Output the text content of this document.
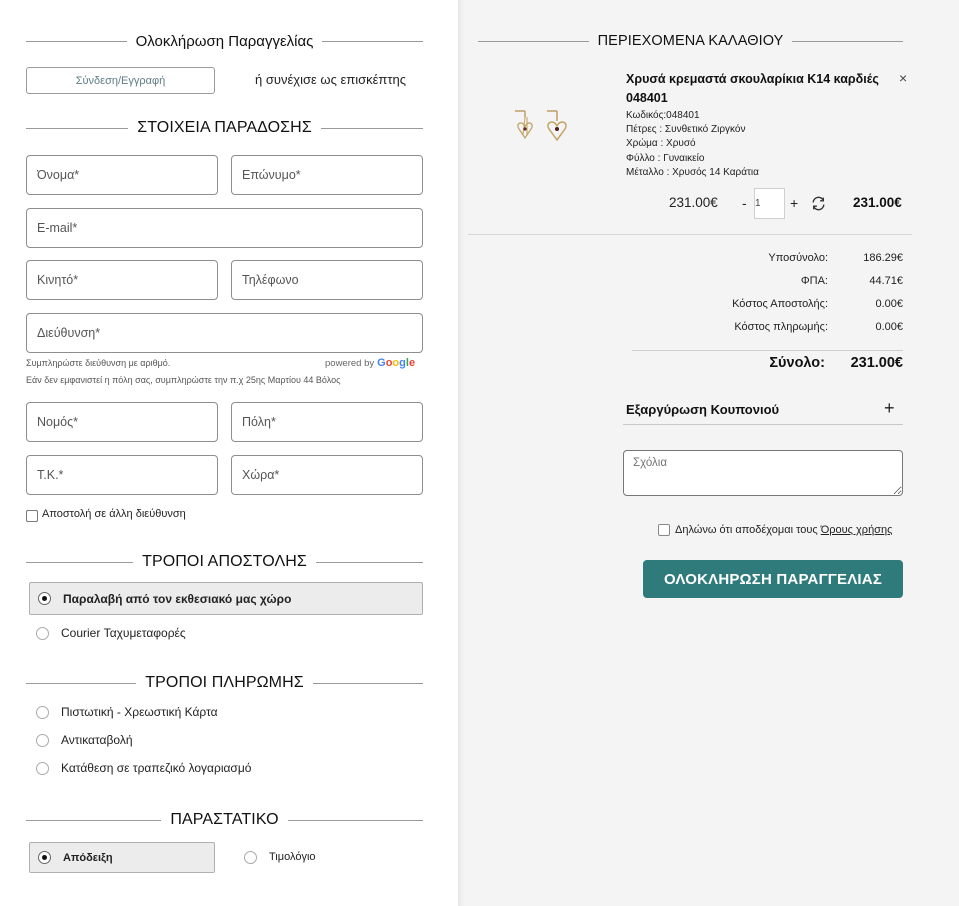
Ολοκλήρωση Παραγγελίας
Σύνδεση/Εγγραφή	ή συνέχισε ως επισκέπτης
ΣΤΟΙΧΕΙΑ ΠΑΡΑΔΟΣΗΣ
Όνομα*
Επώνυμο*
E-mail*
Κινητό*
Τηλέφωνο
Διεύθυνση*
Συμπληρώστε διεύθυνση με αριθμό.	powered by Google
Εάν δεν εμφανιστεί η πόλη σας, συμπληρώστε την π.χ 25ης Μαρτίου 44 Βόλος
Νομός*
Πόλη*
Τ.Κ.*
Χώρα*
Αποστολή σε άλλη διεύθυνση
ΤΡΟΠΟΙ ΑΠΟΣΤΟΛΗΣ
Παραλαβή από τον εκθεσιακό μας χώρο
Courier Ταχυμεταφορές
ΤΡΟΠΟΙ ΠΛΗΡΩΜΗΣ
Πιστωτική - Χρεωστική Κάρτα
Αντικαταβολή
Κατάθεση σε τραπεζικό λογαριασμό
ΠΑΡΑΣΤΑΤΙΚΟ
Απόδειξη	Τιμολόγιο
ΠΕΡΙΕΧΟΜΕΝΑ ΚΑΛΑΘΙΟΥ
Χρυσά κρεμαστά σκουλαρίκια Κ14 καρδιές 048401
×
Κωδικός:048401
Πέτρες : Συνθετικό Ζιργκόν
Χρώμα : Χρυσό
Φύλλο : Γυναικείο
Μέταλλο : Χρυσός 14 Καράτια
231.00€ -
1	+	231.00€
Υποσύνολο:	186.29€
ΦΠΑ:	44.71€
Κόστος Αποστολής:	0.00€
Κόστος πληρωμής:	0.00€
Σύνολο: 231.00€
Εξαργύρωση Κουπονιού	+
Σχόλια
Δηλώνω ότι αποδέχομαι τους Όρους χρήσης
ΟΛΟΚΛΗΡΩΣΗ ΠΑΡΑΓΓΕΛΙΑΣ
